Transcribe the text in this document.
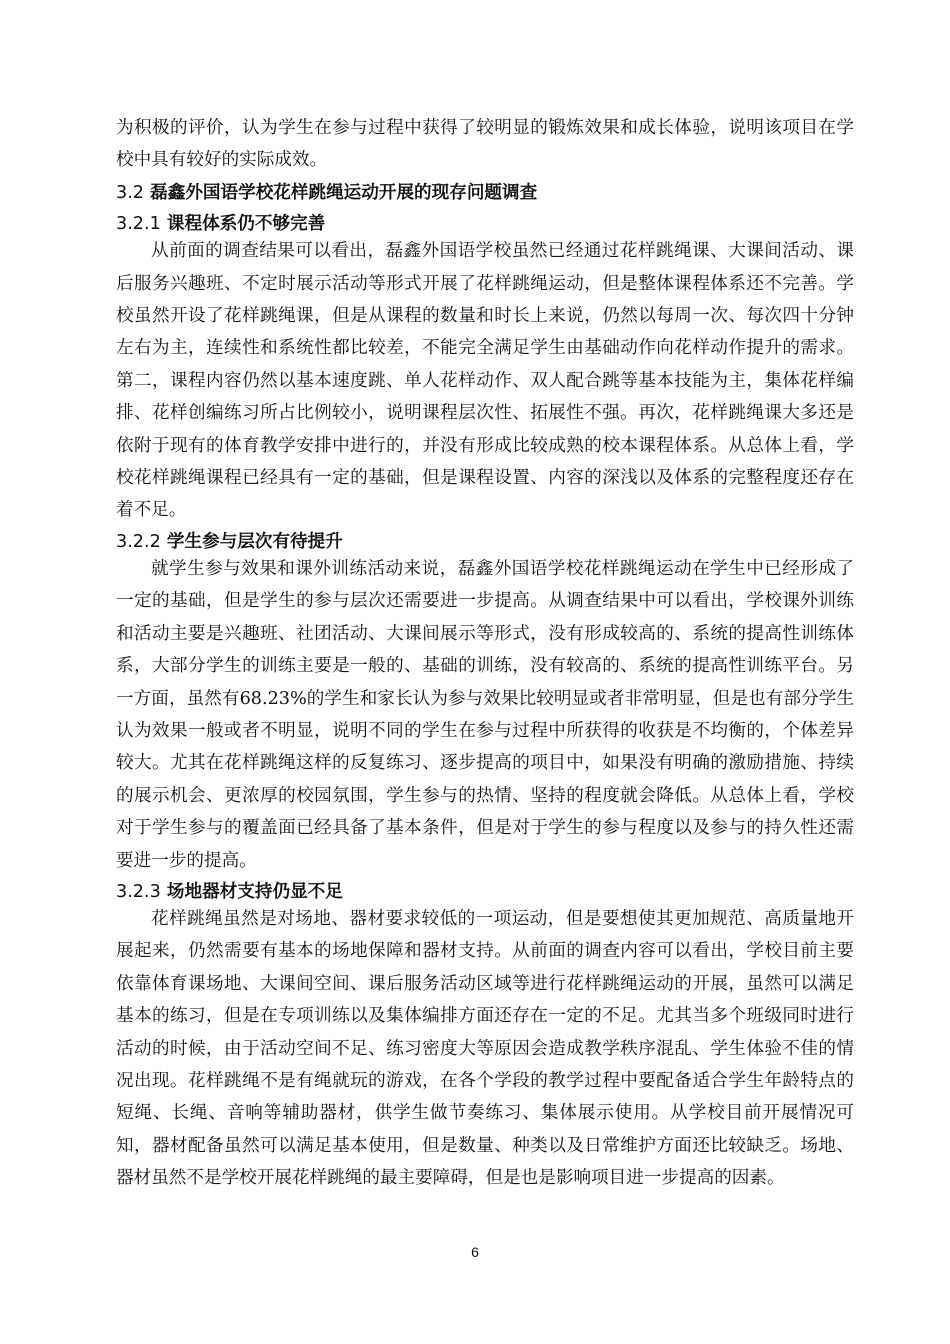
为积极的评价，认为学生在参与过程中获得了较明显的锻炼效果和成长体验，说明该项目在学校中具有较好的实际成效。

3.2 磊鑫外国语学校花样跳绳运动开展的现存问题调查

3.2.1 课程体系仍不够完善

从前面的调查结果可以看出，磊鑫外国语学校虽然已经通过花样跳绳课、大课间活动、课后服务兴趣班、不定时展示活动等形式开展了花样跳绳运动，但是整体课程体系还不完善。学校虽然开设了花样跳绳课，但是从课程的数量和时长上来说，仍然以每周一次、每次四十分钟左右为主，连续性和系统性都比较差，不能完全满足学生由基础动作向花样动作提升的需求。第二，课程内容仍然以基本速度跳、单人花样动作、双人配合跳等基本技能为主，集体花样编排、花样创编练习所占比例较小，说明课程层次性、拓展性不强。再次，花样跳绳课大多还是依附于现有的体育教学安排中进行的，并没有形成比较成熟的校本课程体系。从总体上看，学校花样跳绳课程已经具有一定的基础，但是课程设置、内容的深浅以及体系的完整程度还存在着不足。

3.2.2 学生参与层次有待提升

就学生参与效果和课外训练活动来说，磊鑫外国语学校花样跳绳运动在学生中已经形成了一定的基础，但是学生的参与层次还需要进一步提高。从调查结果中可以看出，学校课外训练和活动主要是兴趣班、社团活动、大课间展示等形式，没有形成较高的、系统的提高性训练体系，大部分学生的训练主要是一般的、基础的训练，没有较高的、系统的提高性训练平台。另一方面，虽然有68.23%的学生和家长认为参与效果比较明显或者非常明显，但是也有部分学生认为效果一般或者不明显，说明不同的学生在参与过程中所获得的收获是不均衡的，个体差异较大。尤其在花样跳绳这样的反复练习、逐步提高的项目中，如果没有明确的激励措施、持续的展示机会、更浓厚的校园氛围，学生参与的热情、坚持的程度就会降低。从总体上看，学校对于学生参与的覆盖面已经具备了基本条件，但是对于学生的参与程度以及参与的持久性还需要进一步的提高。

3.2.3 场地器材支持仍显不足

花样跳绳虽然是对场地、器材要求较低的一项运动，但是要想使其更加规范、高质量地开展起来，仍然需要有基本的场地保障和器材支持。从前面的调查内容可以看出，学校目前主要依靠体育课场地、大课间空间、课后服务活动区域等进行花样跳绳运动的开展，虽然可以满足基本的练习，但是在专项训练以及集体编排方面还存在一定的不足。尤其当多个班级同时进行活动的时候，由于活动空间不足、练习密度大等原因会造成教学秩序混乱、学生体验不佳的情况出现。花样跳绳不是有绳就玩的游戏，在各个学段的教学过程中要配备适合学生年龄特点的短绳、长绳、音响等辅助器材，供学生做节奏练习、集体展示使用。从学校目前开展情况可知，器材配备虽然可以满足基本使用，但是数量、种类以及日常维护方面还比较缺乏。场地、器材虽然不是学校开展花样跳绳的最主要障碍，但是也是影响项目进一步提高的因素。

6
